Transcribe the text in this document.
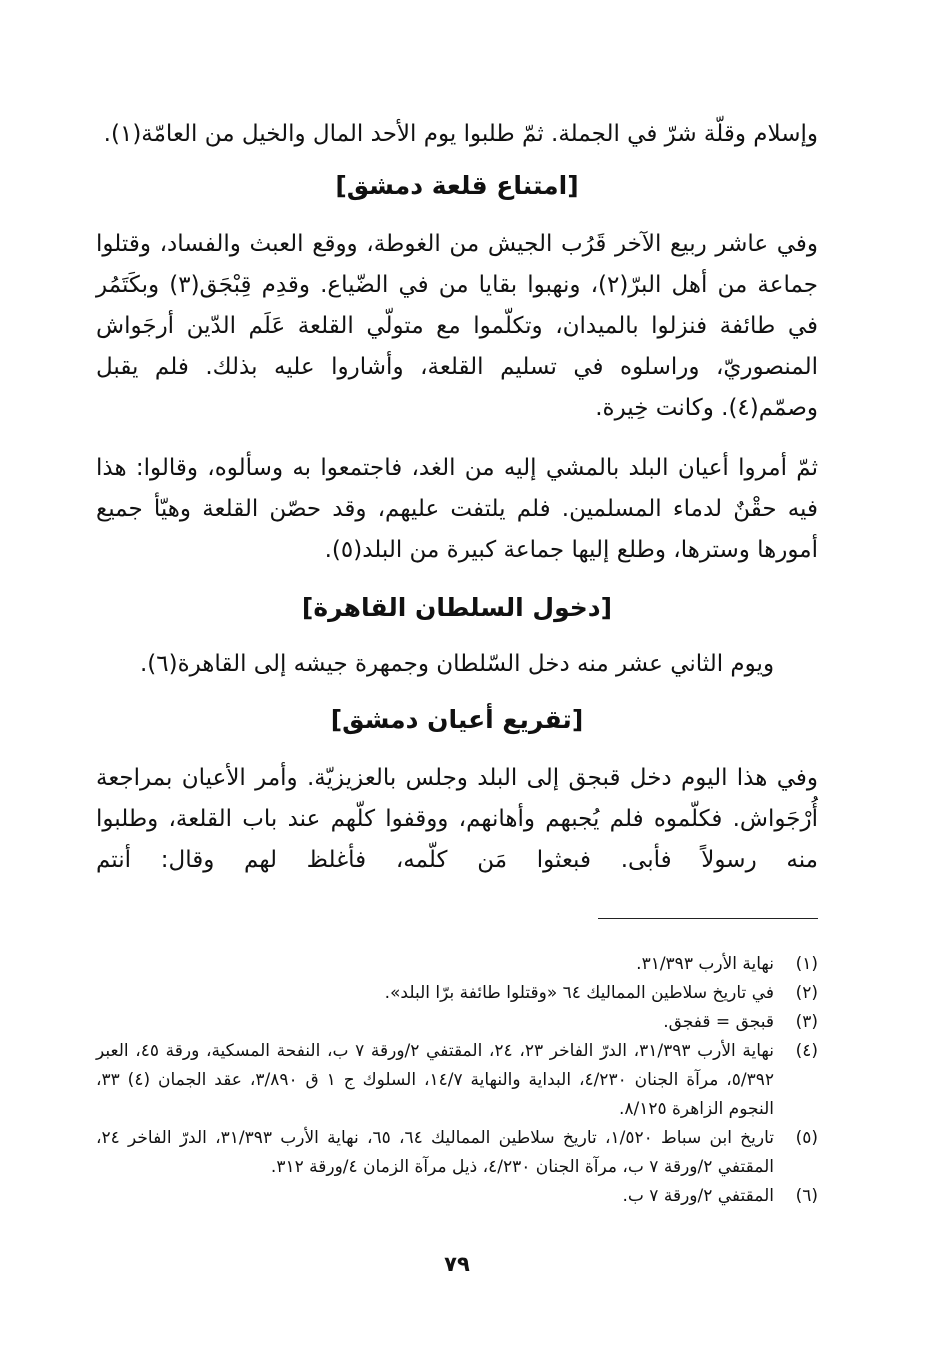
وإسلام وقلّة شرّ في الجملة. ثمّ طلبوا يوم الأحد المال والخيل من العامّة(١).

[امتناع قلعة دمشق]

وفي عاشر ربيع الآخر قَرُب الجيش من الغوطة، ووقع العبث والفساد، وقتلوا جماعة من أهل البرّ(٢)، ونهبوا بقايا من في الضّياع. وقدِم قِبْجَق(٣) وبكَتَمُر في طائفة فنزلوا بالميدان، وتكلّموا مع متولّي القلعة عَلَم الدّين أرجَواش المنصوريّ، وراسلوه في تسليم القلعة، وأشاروا عليه بذلك. فلم يقبل وصمّم(٤). وكانت خِيرة.

ثمّ أمروا أعيان البلد بالمشي إليه من الغد، فاجتمعوا به وسألوه، وقالوا: هذا فيه حقْنٌ لدماء المسلمين. فلم يلتفت عليهم، وقد حصّن القلعة وهيّأ جميع أمورها وسترها، وطلع إليها جماعة كبيرة من البلد(٥).

[دخول السلطان القاهرة]

ويوم الثاني عشر منه دخل السّلطان وجمهرة جيشه إلى القاهرة(٦).

[تقريع أعيان دمشق]

وفي هذا اليوم دخل قبجق إلى البلد وجلس بالعزيزيّة. وأمر الأعيان بمراجعة أُرْجَواش. فكلّموه فلم يُجبهم وأهانهم، ووقفوا كلّهم عند باب القلعة، وطلبوا منه رسولاً فأبى. فبعثوا مَن كلّمه، فأغلظ لهم وقال: أنتم

(١)
نهاية الأرب ٣١/٣٩٣.
(٢)
في تاريخ سلاطين المماليك ٦٤ «وقتلوا طائفة برّا البلد».
(٣)
قبجق = قفجق.
(٤)
نهاية الأرب ٣١/٣٩٣، الدرّ الفاخر ٢٣، ٢٤، المقتفي ٢/ورقة ٧ ب، النفحة المسكية، ورقة ٤٥، العبر ٥/٣٩٢، مرآة الجنان ٤/٢٣٠، البداية والنهاية ١٤/٧، السلوك ج ١ ق ٣/٨٩٠، عقد الجمان (٤) ٣٣، النجوم الزاهرة ٨/١٢٥.
(٥)
تاريخ ابن سباط ١/٥٢٠، تاريخ سلاطين المماليك ٦٤، ٦٥، نهاية الأرب ٣١/٣٩٣، الدرّ الفاخر ٢٤، المقتفي ٢/ورقة ٧ ب، مرآة الجنان ٤/٢٣٠، ذيل مرآة الزمان ٤/ورقة ٣١٢.
(٦)
المقتفي ٢/ورقة ٧ ب.
٧٩
